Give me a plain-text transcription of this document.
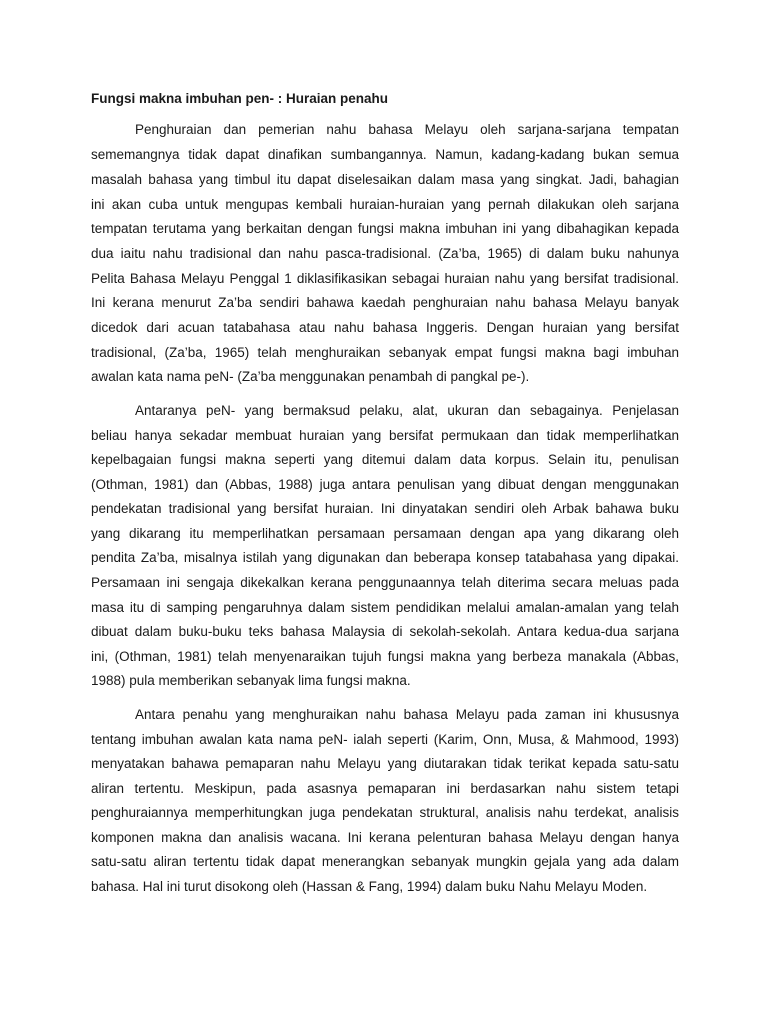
Fungsi makna imbuhan pen- : Huraian penahu
Penghuraian dan pemerian nahu bahasa Melayu oleh sarjana-sarjana tempatan
sememangnya tidak dapat dinafikan sumbangannya. Namun, kadang-kadang bukan semua
masalah bahasa yang timbul itu dapat diselesaikan dalam masa yang singkat. Jadi, bahagian
ini akan cuba untuk mengupas kembali huraian-huraian yang pernah dilakukan oleh sarjana
tempatan terutama yang berkaitan dengan fungsi makna imbuhan ini yang dibahagikan kepada
dua iaitu nahu tradisional dan nahu pasca-tradisional. (Za’ba, 1965) di dalam buku nahunya
Pelita Bahasa Melayu Penggal 1 diklasifikasikan sebagai huraian nahu yang bersifat tradisional.
Ini kerana menurut Za’ba sendiri bahawa kaedah penghuraian nahu bahasa Melayu banyak
dicedok dari acuan tatabahasa atau nahu bahasa Inggeris. Dengan huraian yang bersifat
tradisional, (Za’ba, 1965) telah menghuraikan sebanyak empat fungsi makna bagi imbuhan
awalan kata nama peN- (Za’ba menggunakan penambah di pangkal pe-).
Antaranya peN- yang bermaksud pelaku, alat, ukuran dan sebagainya. Penjelasan
beliau hanya sekadar membuat huraian yang bersifat permukaan dan tidak memperlihatkan
kepelbagaian fungsi makna seperti yang ditemui dalam data korpus. Selain itu, penulisan
(Othman, 1981) dan (Abbas, 1988) juga antara penulisan yang dibuat dengan menggunakan
pendekatan tradisional yang bersifat huraian. Ini dinyatakan sendiri oleh Arbak bahawa buku
yang dikarang itu memperlihatkan persamaan persamaan dengan apa yang dikarang oleh
pendita Za’ba, misalnya istilah yang digunakan dan beberapa konsep tatabahasa yang dipakai.
Persamaan ini sengaja dikekalkan kerana penggunaannya telah diterima secara meluas pada
masa itu di samping pengaruhnya dalam sistem pendidikan melalui amalan-amalan yang telah
dibuat dalam buku-buku teks bahasa Malaysia di sekolah-sekolah. Antara kedua-dua sarjana
ini, (Othman, 1981) telah menyenaraikan tujuh fungsi makna yang berbeza manakala (Abbas,
1988) pula memberikan sebanyak lima fungsi makna.
Antara penahu yang menghuraikan nahu bahasa Melayu pada zaman ini khususnya
tentang imbuhan awalan kata nama peN- ialah seperti (Karim, Onn, Musa, & Mahmood, 1993)
menyatakan bahawa pemaparan nahu Melayu yang diutarakan tidak terikat kepada satu-satu
aliran tertentu. Meskipun, pada asasnya pemaparan ini berdasarkan nahu sistem tetapi
penghuraiannya memperhitungkan juga pendekatan struktural, analisis nahu terdekat, analisis
komponen makna dan analisis wacana. Ini kerana pelenturan bahasa Melayu dengan hanya
satu-satu aliran tertentu tidak dapat menerangkan sebanyak mungkin gejala yang ada dalam
bahasa. Hal ini turut disokong oleh (Hassan & Fang, 1994) dalam buku Nahu Melayu Moden.
